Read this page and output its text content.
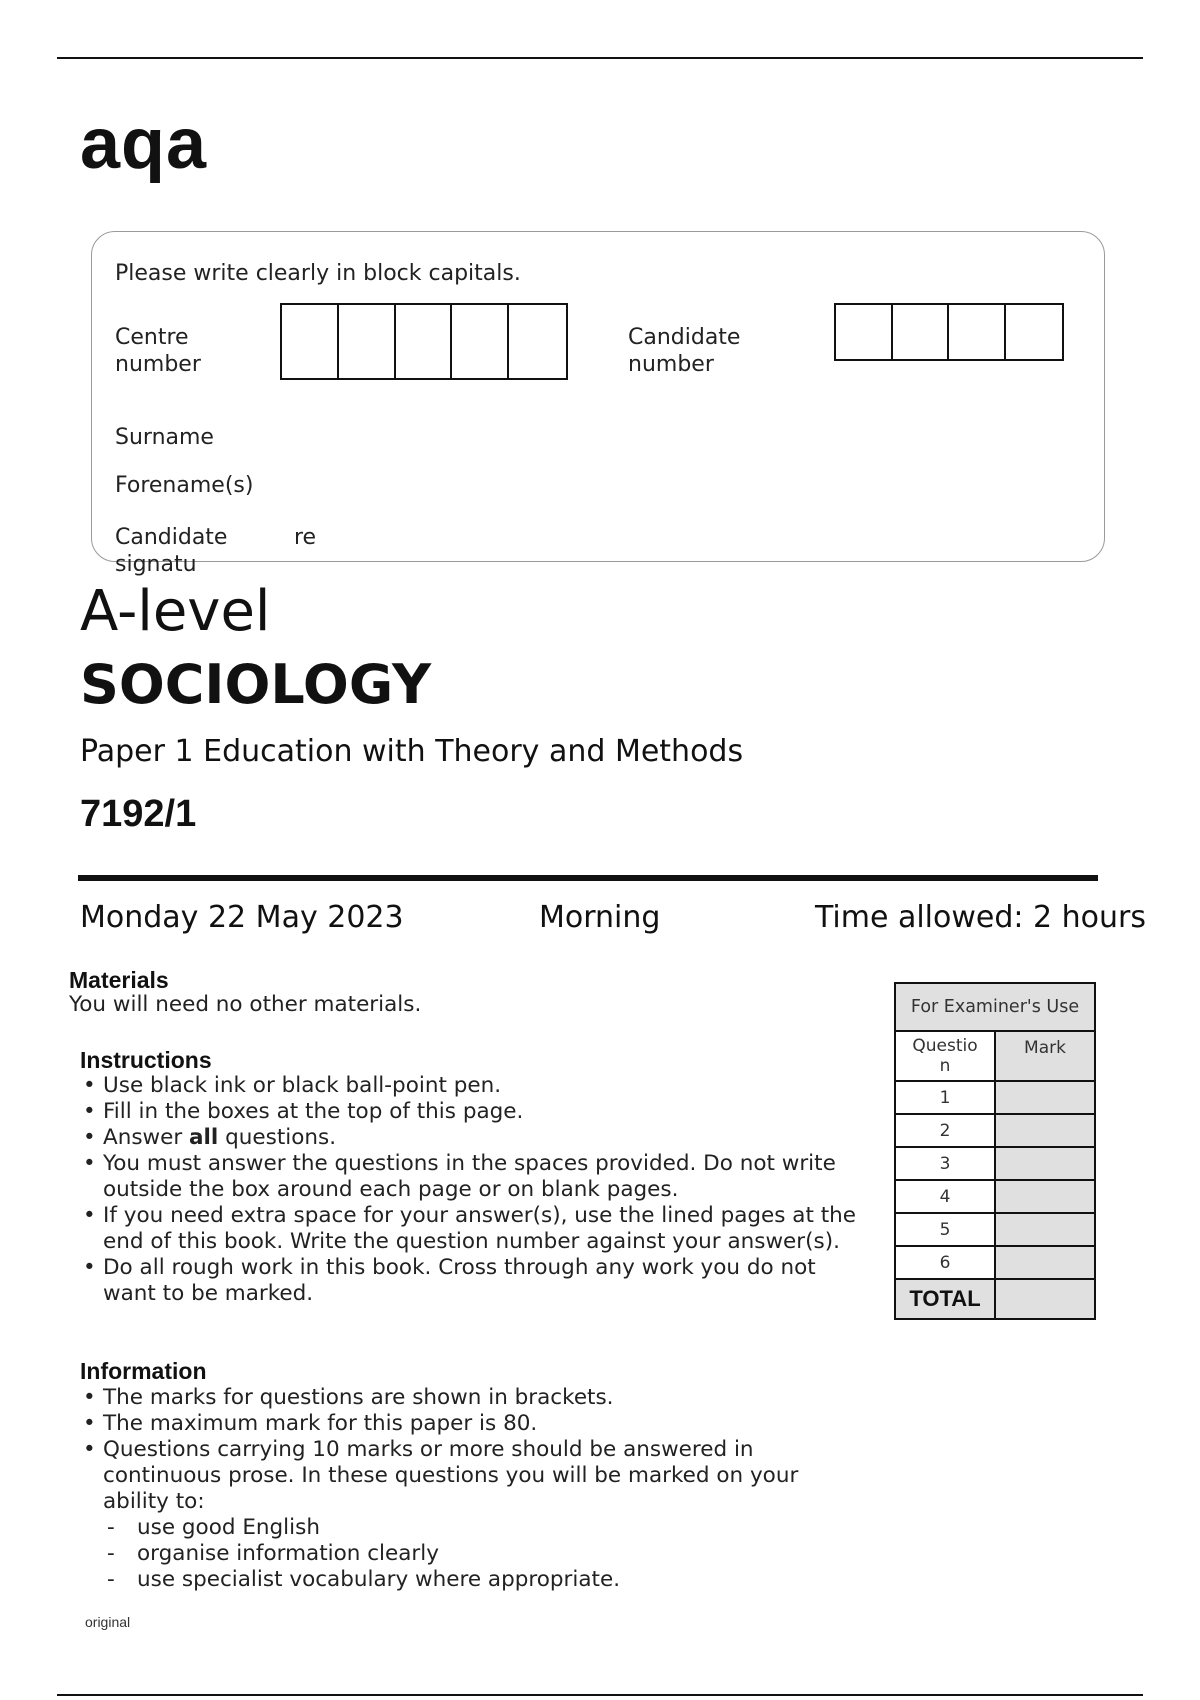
aqa
Please write clearly in block capitals.
Centre
number
Candidate
number
Surname
Forename(s)
Candidate
signatu
re
A-level
SOCIOLOGY
Paper 1 Education with Theory and Methods
7192/1
Monday 22 May 2023	Morning	Time allowed: 2 hours
Materials
You will need no other materials.
Instructions
• Use black ink or black ball-point pen.
• Fill in the boxes at the top of this page.
• Answer all questions.
• You must answer the questions in the spaces provided. Do not write outside the box around each page or on blank pages.
• If you need extra space for your answer(s), use the lined pages at the end of this book. Write the question number against your answer(s).
• Do all rough work in this book. Cross through any work you do not want to be marked.
Information
• The marks for questions are shown in brackets.
• The maximum mark for this paper is 80.
• Questions carrying 10 marks or more should be answered in continuous prose. In these questions you will be marked on your ability to:
- use good English
- organise information clearly
- use specialist vocabulary where appropriate.
For Examiner's Use
Questio
n
Mark
1
2
3
4
5
6
TOTAL
original
